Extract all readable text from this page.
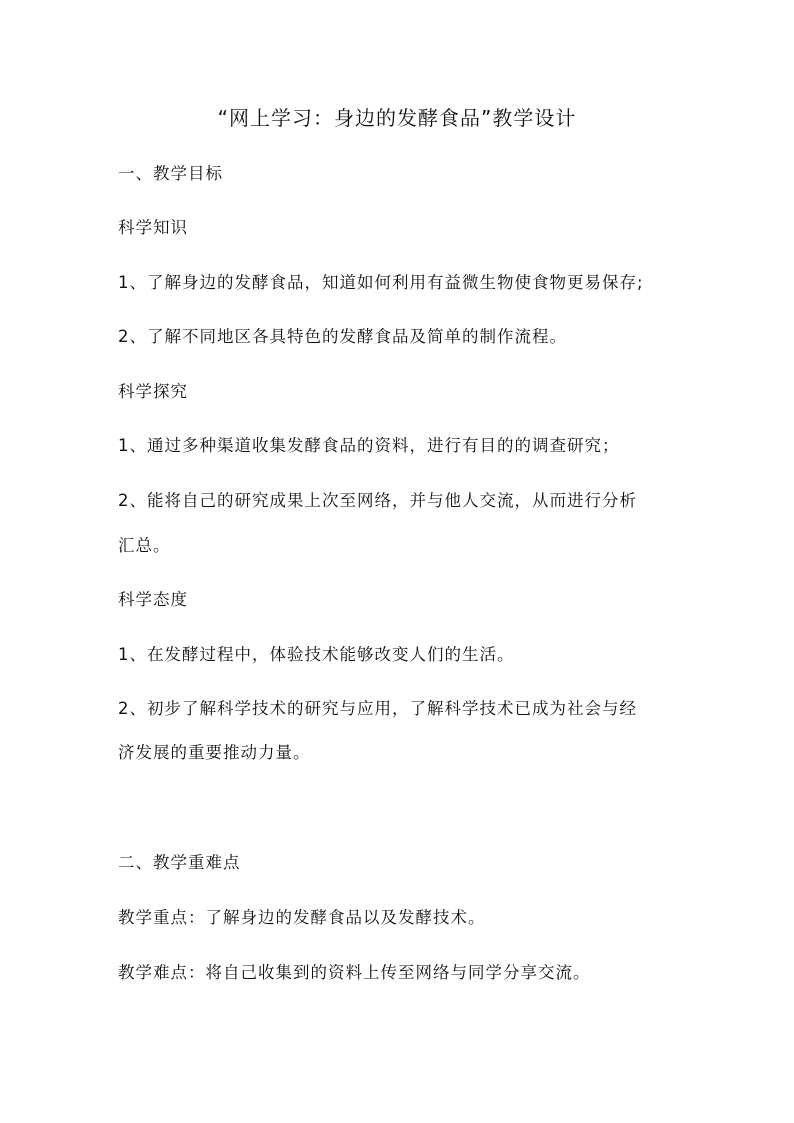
“网上学习：身边的发酵食品”教学设计
一、教学目标
科学知识
1、了解身边的发酵食品，知道如何利用有益微生物使食物更易保存;
2、了解不同地区各具特色的发酵食品及简单的制作流程。
科学探究
1、通过多种渠道收集发酵食品的资料，进行有目的的调查研究；
2、能将自己的研究成果上次至网络，并与他人交流，从而进行分析
汇总。
科学态度
1、在发酵过程中，体验技术能够改变人们的生活。
2、初步了解科学技术的研究与应用，了解科学技术已成为社会与经
济发展的重要推动力量。
二、教学重难点
教学重点：了解身边的发酵食品以及发酵技术。
教学难点：将自己收集到的资料上传至网络与同学分享交流。
